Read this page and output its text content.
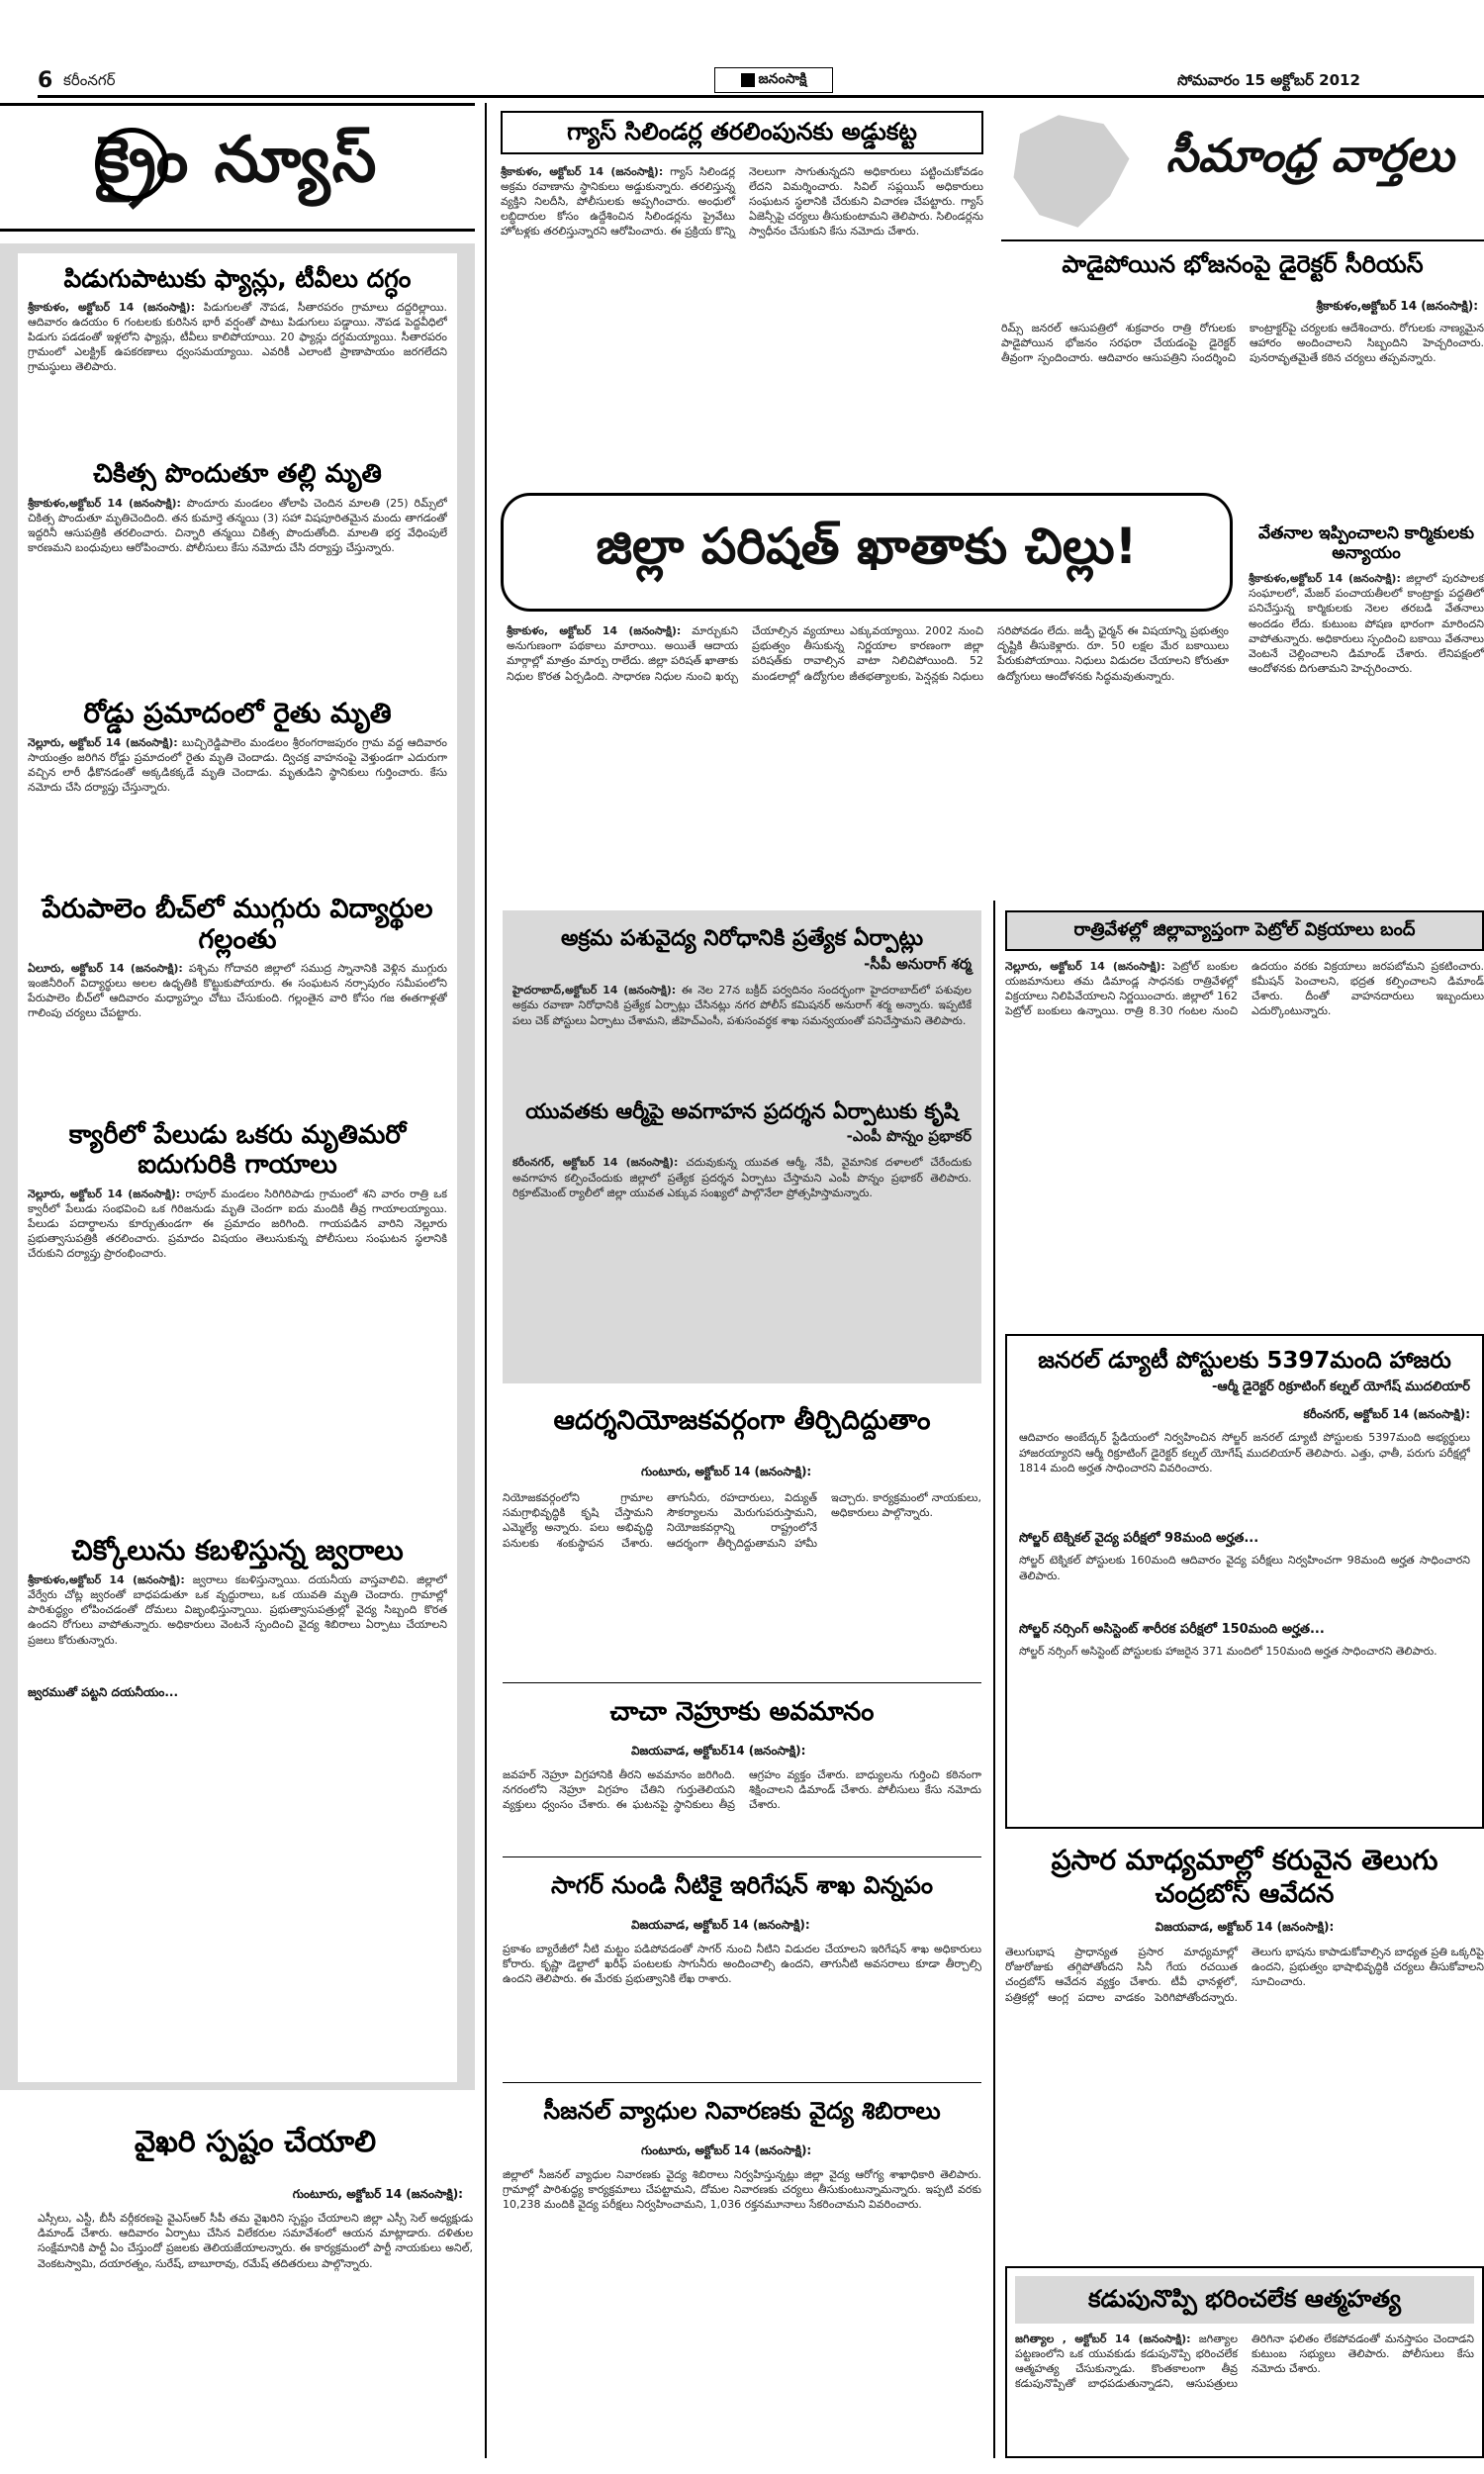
6 కరీంనగర్	జనంసాక్షి	సోమవారం 15 అక్టోబర్ 2012
క్రైం న్యూస్
పిడుగుపాటుకు ఫ్యాన్లు, టీవీలు దగ్ధం
శ్రీకాకుళం, అక్టోబర్ 14 (జనంసాక్షి): పిడుగులతో నౌపడ, సీతారపరం గ్రామాలు దద్దరిల్లాయి. ఆదివారం ఉదయం 6 గంటలకు కురిసిన భారీ వర్షంతో పాటు పిడుగులు పడ్డాయి. నౌపడ పెద్దవీధిలో పిడుగు పడడంతో ఇళ్లలోని ఫ్యాన్లు, టీవీలు కాలిపోయాయి. 20 ఫ్యాన్లు దగ్ధమయ్యాయి. సీతారపరం గ్రామంలో ఎలక్ట్రిక్ ఉపకరణాలు ధ్వంసమయ్యాయి. ఎవరికీ ఎలాంటి ప్రాణాపాయం జరగలేదని గ్రామస్థులు తెలిపారు.
చికిత్స పొందుతూ తల్లి మృతి
శ్రీకాకుళం,అక్టోబర్ 14 (జనంసాక్షి): పొందూరు మండలం తోలాపి చెందిన మాలతి (25) రిమ్స్‌లో చికిత్స పొందుతూ మృతిచెందింది. తన కుమార్తె తన్మయి (3) సహా విషపూరితమైన మందు తాగడంతో ఇద్దరినీ ఆసుపత్రికి తరలించారు. చిన్నారి తన్మయి చికిత్స పొందుతోంది. మాలతి భర్త వేధింపులే కారణమని బంధువులు ఆరోపించారు. పోలీసులు కేసు నమోదు చేసి దర్యాప్తు చేస్తున్నారు.
రోడ్డు ప్రమాదంలో రైతు మృతి
నెల్లూరు, అక్టోబర్ 14 (జనంసాక్షి): బుచ్చిరెడ్డిపాలెం మండలం శ్రీరంగరాజపురం గ్రామ వద్ద ఆదివారం సాయంత్రం జరిగిన రోడ్డు ప్రమాదంలో రైతు మృతి చెందాడు. ద్విచక్ర వాహనంపై వెళ్తుండగా ఎదురుగా వచ్చిన లారీ ఢీకొనడంతో అక్కడికక్కడే మృతి చెందాడు. మృతుడిని స్థానికులు గుర్తించారు. కేసు నమోదు చేసి దర్యాప్తు చేస్తున్నారు.
పేరుపాలెం బీచ్‌లో ముగ్గురు విద్యార్థుల గల్లంతు
ఏలూరు, అక్టోబర్ 14 (జనంసాక్షి): పశ్చిమ గోదావరి జిల్లాలో సముద్ర స్నానానికి వెళ్లిన ముగ్గురు ఇంజినీరింగ్ విద్యార్థులు అలల ఉధృతికి కొట్టుకుపోయారు. ఈ సంఘటన నర్సాపురం సమీపంలోని పేరుపాలెం బీచ్‌లో ఆదివారం మధ్యాహ్నం చోటు చేసుకుంది. గల్లంతైన వారి కోసం గజ ఈతగాళ్లతో గాలింపు చర్యలు చేపట్టారు.
క్యారీలో పేలుడు ఒకరు మృతిమరో ఐదుగురికి గాయాలు
నెల్లూరు, అక్టోబర్ 14 (జనంసాక్షి): రాపూర్ మండలం సిరిగిరిపాడు గ్రామంలో శని వారం రాత్రి ఒక క్వారీలో పేలుడు సంభవించి ఒక గిరిజనుడు మృతి చెందగా ఐదు మందికి తీవ్ర గాయాలయ్యాయి. పేలుడు పదార్థాలను కూర్చుతుండగా ఈ ప్రమాదం జరిగింది. గాయపడిన వారిని నెల్లూరు ప్రభుత్వాసుపత్రికి తరలించారు. ప్రమాదం విషయం తెలుసుకున్న పోలీసులు సంఘటన స్థలానికి చేరుకుని దర్యాప్తు ప్రారంభించారు.
చిక్కోలును కబళిస్తున్న జ్వరాలు
శ్రీకాకుళం,అక్టోబర్ 14 (జనంసాక్షి): జ్వరాలు కబళిస్తున్నాయి. దయనీయ వాస్తవాలివి. జిల్లాలో వేర్వేరు చోట్ల జ్వరంతో బాధపడుతూ ఒక వృద్ధురాలు, ఒక యువతి మృతి చెందారు. గ్రామాల్లో పారిశుద్ధ్యం లోపించడంతో దోమలు విజృంభిస్తున్నాయి. ప్రభుత్వాసుపత్రుల్లో వైద్య సిబ్బంది కొరత ఉందని రోగులు వాపోతున్నారు. అధికారులు వెంటనే స్పందించి వైద్య శిబిరాలు ఏర్పాటు చేయాలని ప్రజలు కోరుతున్నారు.
జ్వరముతో పట్టని దయనీయం...
వైఖరి స్పష్టం చేయాలి
గుంటూరు, అక్టోబర్ 14 (జనంసాక్షి):
ఎస్సీలు, ఎస్టీ, బీసీ వర్గీకరణపై వైఎస్ఆర్ సీపీ తమ వైఖరిని స్పష్టం చేయాలని జిల్లా ఎస్సీ సెల్ అధ్యక్షుడు డిమాండ్ చేశారు. ఆదివారం ఏర్పాటు చేసిన విలేకరుల సమావేశంలో ఆయన మాట్లాడారు. దళితుల సంక్షేమానికి పార్టీ ఏం చేస్తుందో ప్రజలకు తెలియజేయాలన్నారు. ఈ కార్యక్రమంలో పార్టీ నాయకులు అనిల్, వెంకటస్వామి, దయారత్నం, సురేష్, బాబూరావు, రమేష్ తదితరులు పాల్గొన్నారు.
గ్యాస్ సిలిండర్ల తరలింపునకు అడ్డుకట్ట
శ్రీకాకుళం, అక్టోబర్ 14 (జనంసాక్షి): గ్యాస్ సిలిండర్ల అక్రమ రవాణాను స్థానికులు అడ్డుకున్నారు. తరలిస్తున్న వ్యక్తిని నిలదీసి, పోలీసులకు అప్పగించారు. అంధులో లబ్ధిదారుల కోసం ఉద్దేశించిన సిలిండర్లను ప్రైవేటు హోటళ్లకు తరలిస్తున్నారని ఆరోపించారు. ఈ ప్రక్రియ కొన్ని నెలలుగా సాగుతున్నదని అధికారులు పట్టించుకోవడం లేదని విమర్శించారు. సివిల్ సప్లయిస్ అధికారులు సంఘటన స్థలానికి చేరుకుని విచారణ చేపట్టారు. గ్యాస్ ఏజెన్సీపై చర్యలు తీసుకుంటామని తెలిపారు. సిలిండర్లను స్వాధీనం చేసుకుని కేసు నమోదు చేశారు.
జిల్లా పరిషత్ ఖాతాకు చిల్లు!
శ్రీకాకుళం, అక్టోబర్ 14 (జనంసాక్షి): మార్చుకుని అనుగుణంగా పథకాలు మారాయి. అయితే ఆదాయ మార్గాల్లో మాత్రం మార్పు రాలేదు. జిల్లా పరిషత్ ఖాతాకు నిధుల కొరత ఏర్పడింది. సాధారణ నిధుల నుంచి ఖర్చు చేయాల్సిన వ్యయాలు ఎక్కువయ్యాయి. 2002 నుంచి ప్రభుత్వం తీసుకున్న నిర్ణయాల కారణంగా జిల్లా పరిషత్‌కు రావాల్సిన వాటా నిలిచిపోయింది. 52 మండలాల్లో ఉద్యోగుల జీతభత్యాలకు, పెన్షన్లకు నిధులు సరిపోవడం లేదు. జడ్పీ ఛైర్మన్ ఈ విషయాన్ని ప్రభుత్వం దృష్టికి తీసుకెళ్లారు. రూ. 50 లక్షల మేర బకాయిలు పేరుకుపోయాయి. నిధులు విడుదల చేయాలని కోరుతూ ఉద్యోగులు ఆందోళనకు సిద్ధమవుతున్నారు.
అక్రమ పశువైద్య నిరోధానికి ప్రత్యేక ఏర్పాట్లు
-సీపీ అనురాగ్ శర్మ
హైదరాబాద్,అక్టోబర్ 14 (జనంసాక్షి): ఈ నెల 27న బక్రీద్ పర్వదినం సందర్భంగా హైదరాబాద్‌లో పశువుల అక్రమ రవాణా నిరోధానికి ప్రత్యేక ఏర్పాట్లు చేసినట్లు నగర పోలీస్ కమిషనర్ అనురాగ్ శర్మ అన్నారు. ఇప్పటికే పలు చెక్ పోస్టులు ఏర్పాటు చేశామని, జీహెచ్ఎంసీ, పశుసంవర్ధక శాఖ సమన్వయంతో పనిచేస్తామని తెలిపారు.
యువతకు ఆర్మీపై అవగాహన ప్రదర్శన ఏర్పాటుకు కృషి
-ఎంపీ పొన్నం ప్రభాకర్
కరీంనగర్, అక్టోబర్ 14 (జనంసాక్షి): చదువుకున్న యువత ఆర్మీ, నేవీ, వైమానిక దళాలలో చేరేందుకు అవగాహన కల్పించేందుకు జిల్లాలో ప్రత్యేక ప్రదర్శన ఏర్పాటు చేస్తామని ఎంపీ పొన్నం ప్రభాకర్ తెలిపారు. రిక్రూట్‌మెంట్ ర్యాలీలో జిల్లా యువత ఎక్కువ సంఖ్యలో పాల్గొనేలా ప్రోత్సహిస్తామన్నారు.
ఆదర్శనియోజకవర్గంగా తీర్చిదిద్దుతాం
గుంటూరు, అక్టోబర్ 14 (జనంసాక్షి):
నియోజకవర్గంలోని గ్రామాల సమగ్రాభివృద్ధికి కృషి చేస్తామని ఎమ్మెల్యే అన్నారు. పలు అభివృద్ధి పనులకు శంకుస్థాపన చేశారు. తాగునీరు, రహదారులు, విద్యుత్ సౌకర్యాలను మెరుగుపరుస్తామని, నియోజకవర్గాన్ని రాష్ట్రంలోనే ఆదర్శంగా తీర్చిదిద్దుతామని హామీ ఇచ్చారు. కార్యక్రమంలో నాయకులు, అధికారులు పాల్గొన్నారు.
చాచా నెహ్రూకు అవమానం
విజయవాడ, అక్టోబర్14 (జనంసాక్షి):
జవహర్ నెహ్రూ విగ్రహానికి తీరని అవమానం జరిగింది. నగరంలోని నెహ్రూ విగ్రహం చేతిని గుర్తుతెలియని వ్యక్తులు ధ్వంసం చేశారు. ఈ ఘటనపై స్థానికులు తీవ్ర ఆగ్రహం వ్యక్తం చేశారు. బాధ్యులను గుర్తించి కఠినంగా శిక్షించాలని డిమాండ్ చేశారు. పోలీసులు కేసు నమోదు చేశారు.
సాగర్ నుండి నీటికై ఇరిగేషన్ శాఖ విన్నపం
విజయవాడ, అక్టోబర్ 14 (జనంసాక్షి):
ప్రకాశం బ్యారేజీలో నీటి మట్టం పడిపోవడంతో సాగర్ నుంచి నీటిని విడుదల చేయాలని ఇరిగేషన్ శాఖ అధికారులు కోరారు. కృష్ణా డెల్టాలో ఖరీఫ్ పంటలకు సాగునీరు అందించాల్సి ఉందని, తాగునీటి అవసరాలు కూడా తీర్చాల్సి ఉందని తెలిపారు. ఈ మేరకు ప్రభుత్వానికి లేఖ రాశారు.
సీజనల్ వ్యాధుల నివారణకు వైద్య శిబిరాలు
గుంటూరు, అక్టోబర్ 14 (జనంసాక్షి):
జిల్లాలో సీజనల్ వ్యాధుల నివారణకు వైద్య శిబిరాలు నిర్వహిస్తున్నట్లు జిల్లా వైద్య ఆరోగ్య శాఖాధికారి తెలిపారు. గ్రామాల్లో పారిశుద్ధ్య కార్యక్రమాలు చేపట్టామని, దోమల నివారణకు చర్యలు తీసుకుంటున్నామన్నారు. ఇప్పటి వరకు 10,238 మందికి వైద్య పరీక్షలు నిర్వహించామని, 1,036 రక్తనమూనాలు సేకరించామని వివరించారు.
సీమాంధ్ర వార్తలు
పాడైపోయిన భోజనంపై డైరెక్టర్ సీరియస్
శ్రీకాకుళం,అక్టోబర్ 14 (జనంసాక్షి):
రిమ్స్ జనరల్ ఆసుపత్రిలో శుక్రవారం రాత్రి రోగులకు పాడైపోయిన భోజనం సరఫరా చేయడంపై డైరెక్టర్ తీవ్రంగా స్పందించారు. ఆదివారం ఆసుపత్రిని సందర్శించి కాంట్రాక్టర్‌పై చర్యలకు ఆదేశించారు. రోగులకు నాణ్యమైన ఆహారం అందించాలని సిబ్బందిని హెచ్చరించారు. పునరావృతమైతే కఠిన చర్యలు తప్పవన్నారు.
వేతనాల ఇప్పించాలని కార్మికులకు అన్యాయం
శ్రీకాకుళం,అక్టోబర్ 14 (జనంసాక్షి): జిల్లాలో పురపాలక సంఘాలలో, మేజర్ పంచాయతీలలో కాంట్రాక్టు పద్ధతిలో పనిచేస్తున్న కార్మికులకు నెలల తరబడి వేతనాలు అందడం లేదు. కుటుంబ పోషణ భారంగా మారిందని వాపోతున్నారు. అధికారులు స్పందించి బకాయి వేతనాలు వెంటనే చెల్లించాలని డిమాండ్ చేశారు. లేనిపక్షంలో ఆందోళనకు దిగుతామని హెచ్చరించారు.
రాత్రివేళల్లో జిల్లావ్యాప్తంగా పెట్రోల్ విక్రయాలు బంద్
నెల్లూరు, అక్టోబర్ 14 (జనంసాక్షి): పెట్రోల్ బంకుల యజమానులు తమ డిమాండ్ల సాధనకు రాత్రివేళల్లో విక్రయాలు నిలిపివేయాలని నిర్ణయించారు. జిల్లాలో 162 పెట్రోల్ బంకులు ఉన్నాయి. రాత్రి 8.30 గంటల నుంచి ఉదయం వరకు విక్రయాలు జరపబోమని ప్రకటించారు. కమీషన్ పెంచాలని, భద్రత కల్పించాలని డిమాండ్ చేశారు. దీంతో వాహనదారులు ఇబ్బందులు ఎదుర్కొంటున్నారు.
జనరల్ డ్యూటీ పోస్టులకు 5397మంది హాజరు
-ఆర్మీ డైరెక్టర్ రిక్రూటింగ్ కల్నల్ యోగేష్ ముదలియార్
కరీంనగర్, అక్టోబర్ 14 (జనంసాక్షి):
ఆదివారం అంబేద్కర్ స్టేడియంలో నిర్వహించిన సోల్జర్ జనరల్ డ్యూటీ పోస్టులకు 5397మంది అభ్యర్థులు హాజరయ్యారని ఆర్మీ రిక్రూటింగ్ డైరెక్టర్ కల్నల్ యోగేష్ ముదలియార్ తెలిపారు. ఎత్తు, ఛాతీ, పరుగు పరీక్షల్లో 1814 మంది అర్హత సాధించారని వివరించారు.
సోల్జర్ టెక్నికల్ వైద్య పరీక్షలో 98మంది అర్హత...
సోల్జర్ టెక్నికల్ పోస్టులకు 160మంది ఆదివారం వైద్య పరీక్షలు నిర్వహించగా 98మంది అర్హత సాధించారని తెలిపారు.
సోల్జర్ నర్సింగ్ అసిస్టెంట్ శారీరక పరీక్షలో 150మంది అర్హత...
సోల్జర్ నర్సింగ్ అసిస్టెంట్ పోస్టులకు హాజరైన 371 మందిలో 150మంది అర్హత సాధించారని తెలిపారు.
ప్రసార మాధ్యమాల్లో కరువైన తెలుగు
చంద్రబోస్ ఆవేదన
విజయవాడ, అక్టోబర్ 14 (జనంసాక్షి):
తెలుగుభాష ప్రాధాన్యత ప్రసార మాధ్యమాల్లో రోజురోజుకు తగ్గిపోతోందని సినీ గేయ రచయిత చంద్రబోస్ ఆవేదన వ్యక్తం చేశారు. టీవీ ఛానళ్లలో, పత్రికల్లో ఆంగ్ల పదాల వాడకం పెరిగిపోతోందన్నారు. తెలుగు భాషను కాపాడుకోవాల్సిన బాధ్యత ప్రతి ఒక్కరిపై ఉందని, ప్రభుత్వం భాషాభివృద్ధికి చర్యలు తీసుకోవాలని సూచించారు.
కడుపునొప్పి భరించలేక ఆత్మహత్య
జగిత్యాల , అక్టోబర్ 14 (జనంసాక్షి): జగిత్యాల పట్టణంలోని ఒక యువకుడు కడుపునొప్పి భరించలేక ఆత్మహత్య చేసుకున్నాడు. కొంతకాలంగా తీవ్ర కడుపునొప్పితో బాధపడుతున్నాడని, ఆసుపత్రులు తిరిగినా ఫలితం లేకపోవడంతో మనస్తాపం చెందాడని కుటుంబ సభ్యులు తెలిపారు. పోలీసులు కేసు నమోదు చేశారు.
